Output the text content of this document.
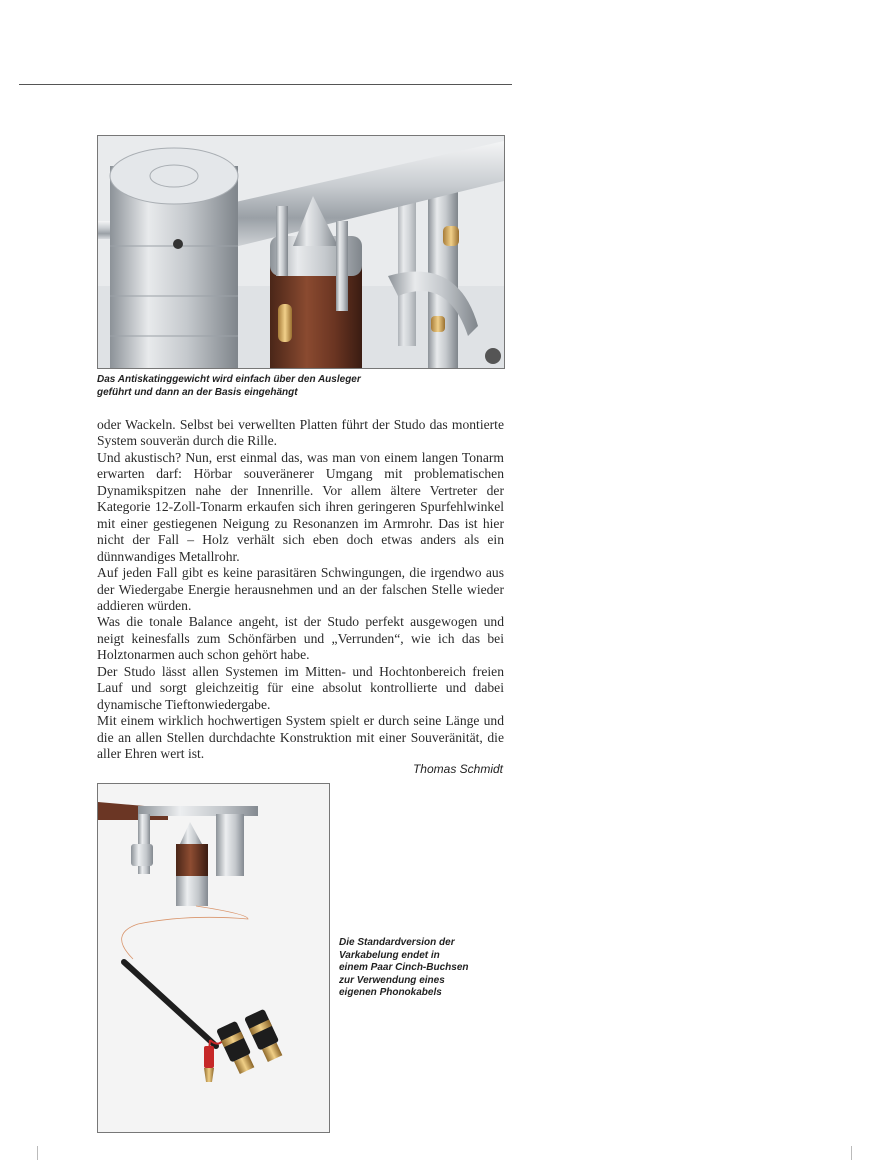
Das Antiskatinggewicht wird einfach über den Ausleger
geführt und dann an der Basis eingehängt

oder Wackeln. Selbst bei verwellten Platten führt der Studo das montierte System souverän durch die Rille.

Und akustisch? Nun, erst einmal das, was man von einem langen Tonarm erwarten darf: Hörbar souveränerer Umgang mit problematischen Dynamikspitzen nahe der Innenrille. Vor allem ältere Vertreter der Kategorie 12-Zoll-Tonarm erkaufen sich ihren geringeren Spurfehlwinkel mit einer gestiegenen Neigung zu Resonanzen im Armrohr. Das ist hier nicht der Fall – Holz verhält sich eben doch etwas anders als ein dünnwandiges Metallrohr.

Auf jeden Fall gibt es keine parasitären Schwingungen, die irgendwo aus der Wiedergabe Energie herausnehmen und an der falschen Stelle wieder addieren würden.

Was die tonale Balance angeht, ist der Studo perfekt ausgewogen und neigt keinesfalls zum Schönfärben und „Verrunden“, wie ich das bei Holztonarmen auch schon gehört habe.

Der Studo lässt allen Systemen im Mitten- und Hochtonbereich freien Lauf und sorgt gleichzeitig für eine absolut kontrollierte und dabei dynamische Tieftonwiedergabe.

Mit einem wirklich hochwertigen System spielt er durch seine Länge und die an allen Stellen durchdachte Konstruktion mit einer Souveränität, die aller Ehren wert ist.

Thomas Schmidt
Die Standardversion der
Varkabelung endet in
einem Paar Cinch-Buchsen
zur Verwendung eines
eigenen Phonokabels
